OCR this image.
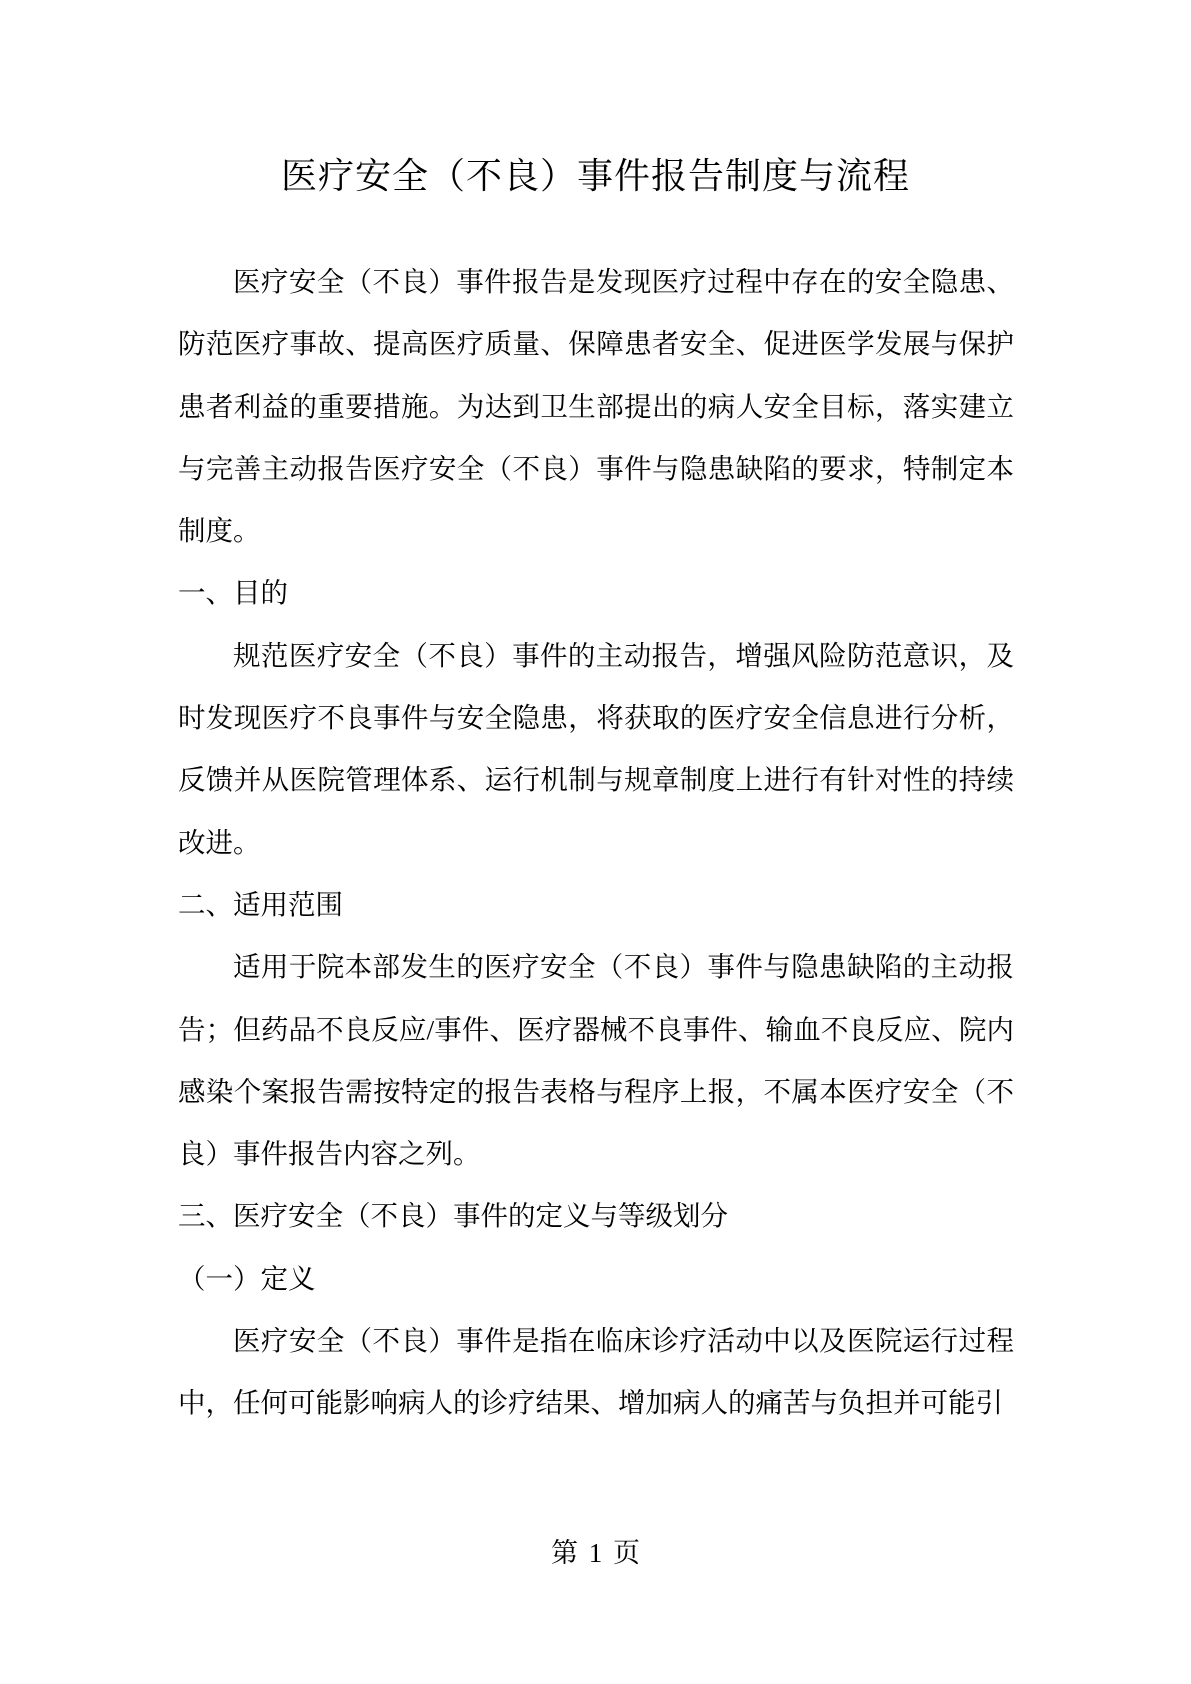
医疗安全（不良）事件报告制度与流程

医疗安全（不良）事件报告是发现医疗过程中存在的安全隐患、防范医疗事故、提高医疗质量、保障患者安全、促进医学发展与保护患者利益的重要措施。为达到卫生部提出的病人安全目标，落实建立与完善主动报告医疗安全（不良）事件与隐患缺陷的要求，特制定本制度。

一、目的

规范医疗安全（不良）事件的主动报告，增强风险防范意识，及时发现医疗不良事件与安全隐患，将获取的医疗安全信息进行分析，反馈并从医院管理体系、运行机制与规章制度上进行有针对性的持续改进。

二、适用范围

适用于院本部发生的医疗安全（不良）事件与隐患缺陷的主动报告；但药品不良反应/事件、医疗器械不良事件、输血不良反应、院内感染个案报告需按特定的报告表格与程序上报，不属本医疗安全（不良）事件报告内容之列。

三、医疗安全（不良）事件的定义与等级划分

（一）定义

医疗安全（不良）事件是指在临床诊疗活动中以及医院运行过程中，任何可能影响病人的诊疗结果、增加病人的痛苦与负担并可能引

第 1 页
